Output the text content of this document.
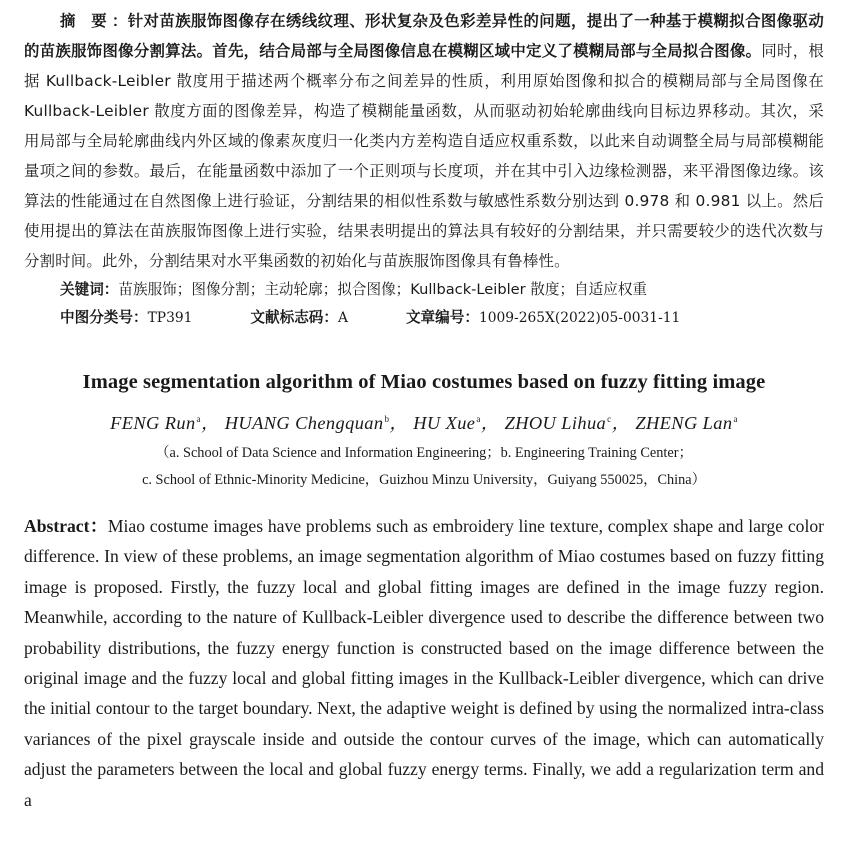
摘 要：针对苗族服饰图像存在绣线纹理、形状复杂及色彩差异性的问题，提出了一种基于模糊拟合图像驱动的苗族服饰图像分割算法。首先，结合局部与全局图像信息在模糊区域中定义了模糊局部与全局拟合图像。同时，根据 Kullback-Leibler 散度用于描述两个概率分布之间差异的性质，利用原始图像和拟合的模糊局部与全局图像在 Kullback-Leibler 散度方面的图像差异，构造了模糊能量函数，从而驱动初始轮廓曲线向目标边界移动。其次，采用局部与全局轮廓曲线内外区域的像素灰度归一化类内方差构造自适应权重系数，以此来自动调整全局与局部模糊能量项之间的参数。最后，在能量函数中添加了一个正则项与长度项，并在其中引入边缘检测器，来平滑图像边缘。该算法的性能通过在自然图像上进行验证，分割结果的相似性系数与敏感性系数分别达到 0.978 和 0.981 以上。然后使用提出的算法在苗族服饰图像上进行实验，结果表明提出的算法具有较好的分割结果，并只需要较少的迭代次数与分割时间。此外，分割结果对水平集函数的初始化与苗族服饰图像具有鲁棒性。

关键词：苗族服饰；图像分割；主动轮廓；拟合图像；Kullback-Leibler 散度；自适应权重

中图分类号：TP391	文献标志码：A	文章编号：1009-265X(2022)05-0031-11
Image segmentation algorithm of Miao costumes based on fuzzy fitting image
FENG Run$^a$， HUANG Chengquan$^b$， HU Xue$^a$， ZHOU Lihua$^c$， ZHENG Lan$^a$
（a. School of Data Science and Information Engineering；b. Engineering Training Center；
c. School of Ethnic-Minority Medicine，Guizhou Minzu University，Guiyang 550025，China）

Abstract：Miao costume images have problems such as embroidery line texture, complex shape and large color difference. In view of these problems, an image segmentation algorithm of Miao costumes based on fuzzy fitting image is proposed. Firstly, the fuzzy local and global fitting images are defined in the image fuzzy region. Meanwhile, according to the nature of Kullback-Leibler divergence used to describe the difference between two probability distributions, the fuzzy energy function is constructed based on the image difference between the original image and the fuzzy local and global fitting images in the Kullback-Leibler divergence, which can drive the initial contour to the target boundary. Next, the adaptive weight is defined by using the normalized intra-class variances of the pixel grayscale inside and outside the contour curves of the image, which can automatically adjust the parameters between the local and global fuzzy energy terms. Finally, we add a regularization term and a
